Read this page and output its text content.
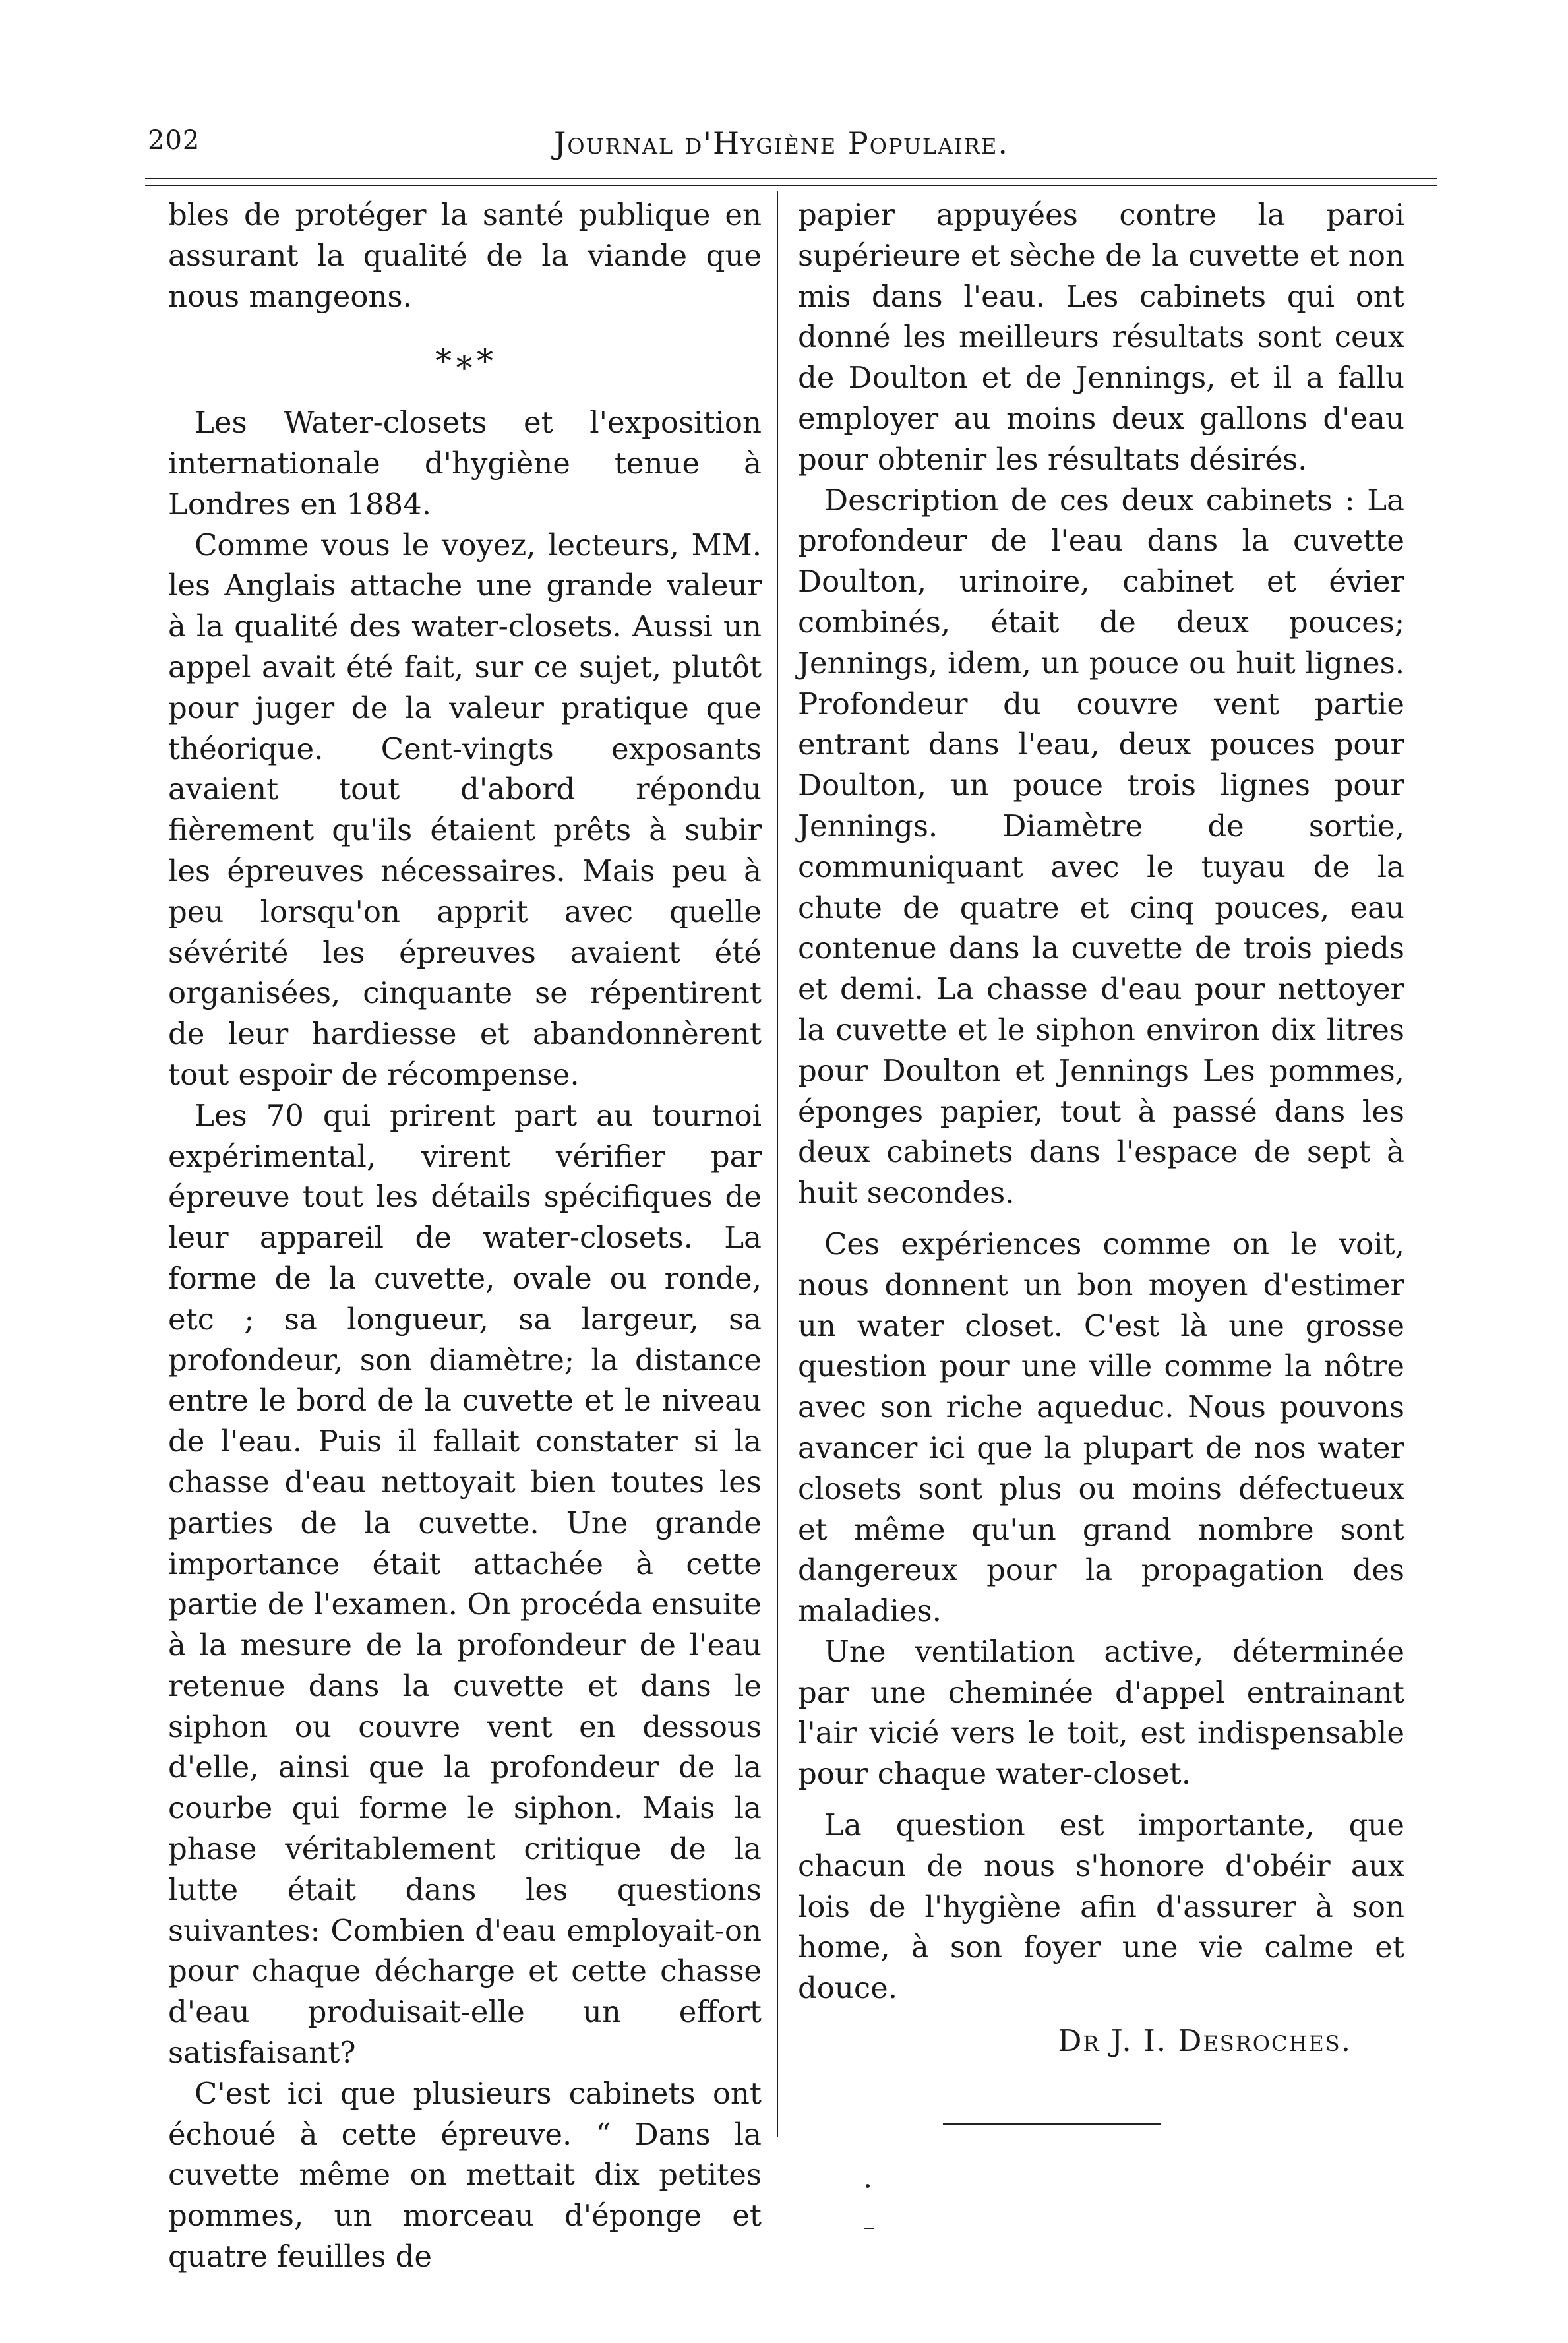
202	Journal d'Hygiène Populaire.

bles de protéger la santé publique en assurant la qualité de la viande que nous mangeons.

*∗*

Les Water-closets et l'exposition internationale d'hygiène tenue à Londres en 1884.

Comme vous le voyez, lecteurs, MM. les Anglais attache une grande valeur à la qualité des water-closets. Aussi un appel avait été fait, sur ce sujet, plutôt pour juger de la valeur pratique que théorique. Cent-vingts exposants avaient tout d'abord répondu fièrement qu'ils étaient prêts à subir les épreuves nécessaires. Mais peu à peu lorsqu'on apprit avec quelle sévérité les épreuves avaient été organisées, cinquante se répentirent de leur hardiesse et abandonnèrent tout espoir de récompense.

Les 70 qui prirent part au tournoi expérimental, virent vérifier par épreuve tout les détails spécifiques de leur appareil de water-closets. La forme de la cuvette, ovale ou ronde, etc ; sa longueur, sa largeur, sa profondeur, son diamètre; la distance entre le bord de la cuvette et le niveau de l'eau. Puis il fallait constater si la chasse d'eau nettoyait bien toutes les parties de la cuvette. Une grande importance était attachée à cette partie de l'examen. On procéda ensuite à la mesure de la profondeur de l'eau retenue dans la cuvette et dans le siphon ou couvre vent en dessous d'elle, ainsi que la profondeur de la courbe qui forme le siphon. Mais la phase véritablement critique de la lutte était dans les questions suivantes: Combien d'eau employait-on pour chaque décharge et cette chasse d'eau produisait-elle un effort satisfaisant?

C'est ici que plusieurs cabinets ont échoué à cette épreuve. “ Dans la cuvette même on mettait dix petites pommes, un morceau d'éponge et quatre feuilles de

papier appuyées contre la paroi supérieure et sèche de la cuvette et non mis dans l'eau. Les cabinets qui ont donné les meilleurs résultats sont ceux de Doulton et de Jennings, et il a fallu employer au moins deux gallons d'eau pour obtenir les résultats désirés.

Description de ces deux cabinets : La profondeur de l'eau dans la cuvette Doulton, urinoire, cabinet et évier combinés, était de deux pouces; Jennings, idem, un pouce ou huit lignes. Profondeur du couvre vent partie entrant dans l'eau, deux pouces pour Doulton, un pouce trois lignes pour Jennings. Diamètre de sortie, communiquant avec le tuyau de la chute de quatre et cinq pouces, eau contenue dans la cuvette de trois pieds et demi. La chasse d'eau pour nettoyer la cuvette et le siphon environ dix litres pour Doulton et Jennings Les pommes, éponges papier, tout à passé dans les deux cabinets dans l'espace de sept à huit secondes.

Ces expériences comme on le voit, nous donnent un bon moyen d'estimer un water closet. C'est là une grosse question pour une ville comme la nôtre avec son riche aqueduc. Nous pouvons avancer ici que la plupart de nos water closets sont plus ou moins défectueux et même qu'un grand nombre sont dangereux pour la propagation des maladies.

Une ventilation active, déterminée par une cheminée d'appel entrainant l'air vicié vers le toit, est indispensable pour chaque water-closet.

La question est importante, que chacun de nous s'honore d'obéir aux lois de l'hygiène afin d'assurer à son home, à son foyer une vie calme et douce.

Dr J. I. Desroches.
